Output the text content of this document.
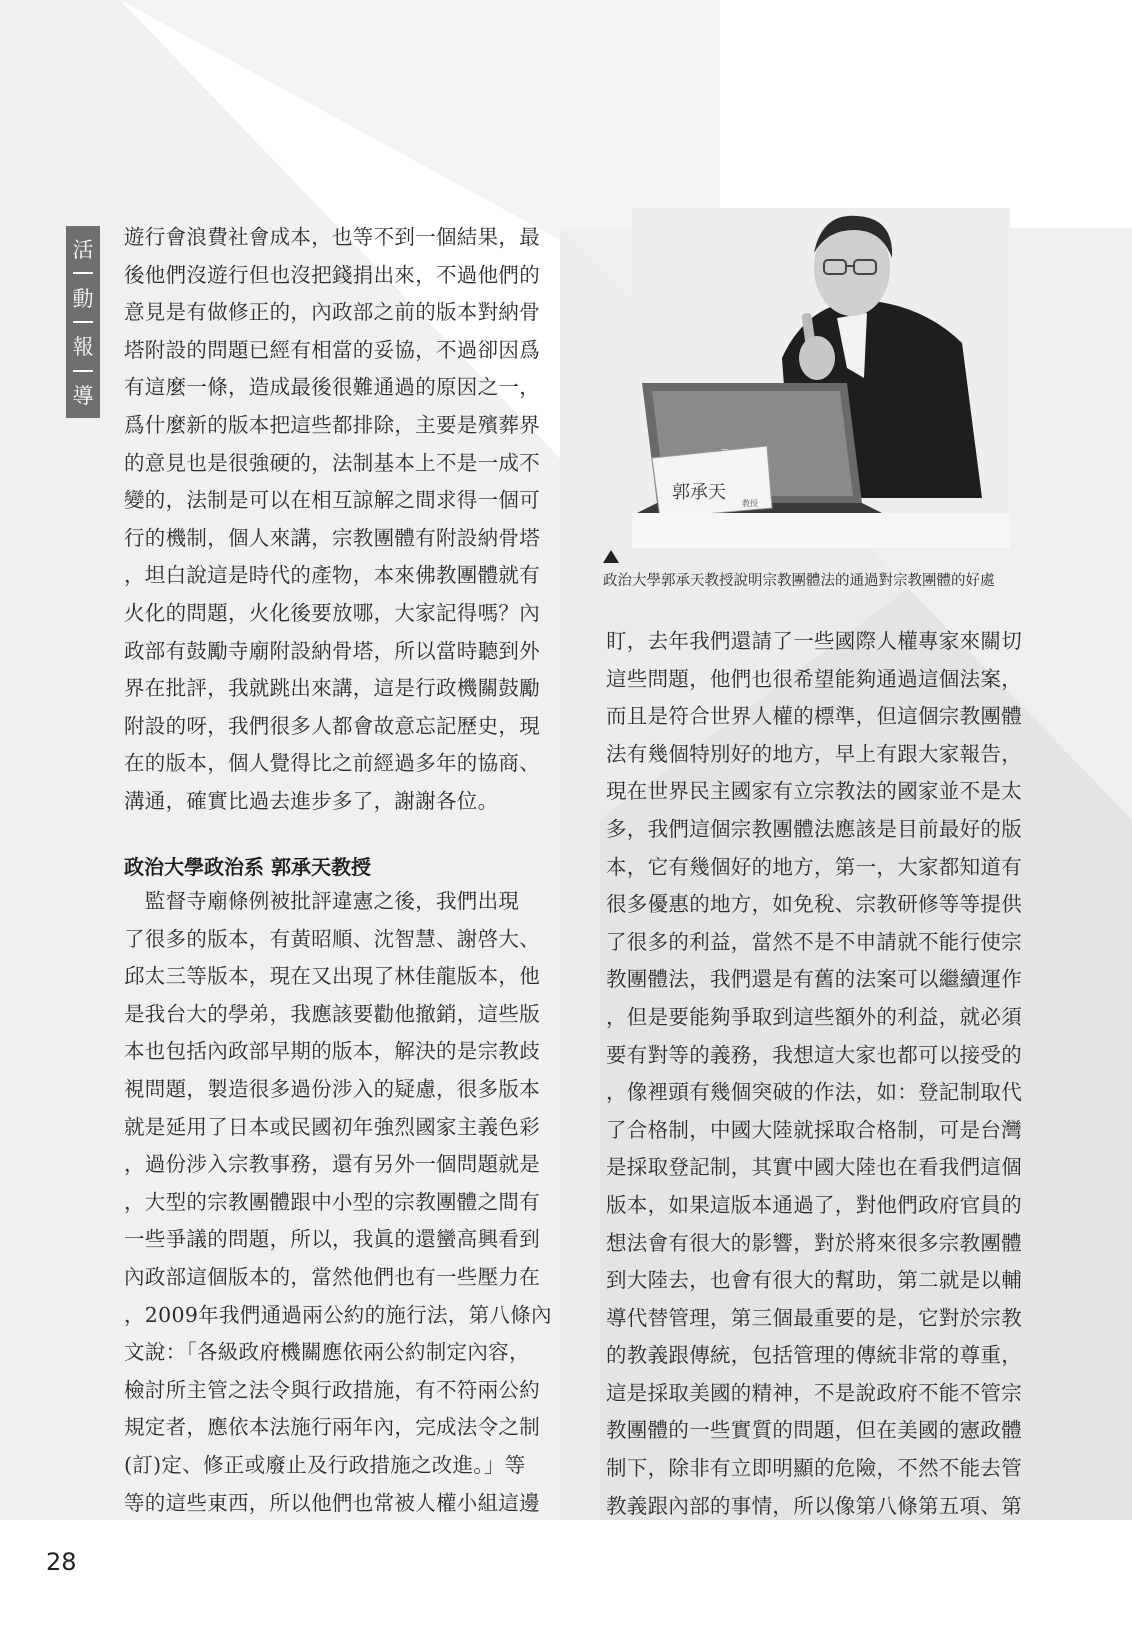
活
動
報
導

遊行會浪費社會成本，也等不到一個結果，最

後他們沒遊行但也沒把錢捐出來，不過他們的

意見是有做修正的，內政部之前的版本對納骨

塔附設的問題已經有相當的妥協，不過卻因爲

有這麼一條，造成最後很難通過的原因之一，

爲什麼新的版本把這些都排除，主要是殯葬界

的意見也是很強硬的，法制基本上不是一成不

變的，法制是可以在相互諒解之間求得一個可

行的機制，個人來講，宗教團體有附設納骨塔

，坦白說這是時代的產物，本來佛教團體就有

火化的問題，火化後要放哪，大家記得嗎？內

政部有鼓勵寺廟附設納骨塔，所以當時聽到外

界在批評，我就跳出來講，這是行政機關鼓勵

附設的呀，我們很多人都會故意忘記歷史，現

在的版本，個人覺得比之前經過多年的協商、

溝通，確實比過去進步多了，謝謝各位。

政治大學政治系 郭承天教授

　監督寺廟條例被批評違憲之後，我們出現

了很多的版本，有黃昭順、沈智慧、謝啓大、

邱太三等版本，現在又出現了林佳龍版本，他

是我台大的學弟，我應該要勸他撤銷，這些版

本也包括內政部早期的版本，解決的是宗教歧

視問題，製造很多過份涉入的疑慮，很多版本

就是延用了日本或民國初年強烈國家主義色彩

，過份涉入宗教事務，還有另外一個問題就是

，大型的宗教團體跟中小型的宗教團體之間有

一些爭議的問題，所以，我眞的還蠻高興看到

內政部這個版本的，當然他們也有一些壓力在

，2009年我們通過兩公約的施行法，第八條內

文說：「各級政府機關應依兩公約制定內容，

檢討所主管之法令與行政措施，有不符兩公約

規定者，應依本法施行兩年內，完成法令之制

(訂)定、修正或廢止及行政措施之改進。」等

等的這些東西，所以他們也常被人權小組這邊

郭承天
教授
政治大學郭承天教授說明宗教團體法的通過對宗教團體的好處

盯，去年我們還請了一些國際人權專家來關切

這些問題，他們也很希望能夠通過這個法案，

而且是符合世界人權的標準，但這個宗教團體

法有幾個特別好的地方，早上有跟大家報告，

現在世界民主國家有立宗教法的國家並不是太

多，我們這個宗教團體法應該是目前最好的版

本，它有幾個好的地方，第一，大家都知道有

很多優惠的地方，如免稅、宗教研修等等提供

了很多的利益，當然不是不申請就不能行使宗

教團體法，我們還是有舊的法案可以繼續運作

，但是要能夠爭取到這些額外的利益，就必須

要有對等的義務，我想這大家也都可以接受的

，像裡頭有幾個突破的作法，如：登記制取代

了合格制，中國大陸就採取合格制，可是台灣

是採取登記制，其實中國大陸也在看我們這個

版本，如果這版本通過了，對他們政府官員的

想法會有很大的影響，對於將來很多宗教團體

到大陸去，也會有很大的幫助，第二就是以輔

導代替管理，第三個最重要的是，它對於宗教

的教義跟傳統，包括管理的傳統非常的尊重，

這是採取美國的精神，不是說政府不能不管宗

教團體的一些實質的問題，但在美國的憲政體

制下，除非有立即明顯的危險，不然不能去管

教義跟內部的事情，所以像第八條第五項、第

28
